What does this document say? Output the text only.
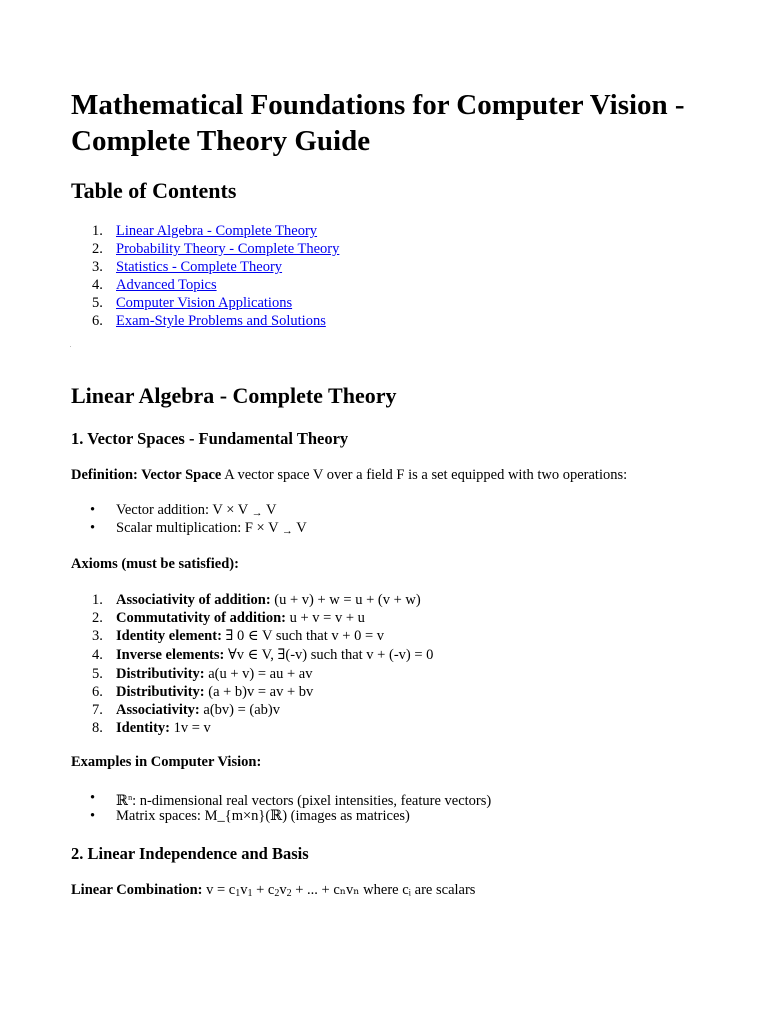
Mathematical Foundations for Computer Vision - Complete Theory Guide
Table of Contents
1. Linear Algebra - Complete Theory
2. Probability Theory - Complete Theory
3. Statistics - Complete Theory
4. Advanced Topics
5. Computer Vision Applications
6. Exam-Style Problems and Solutions
Linear Algebra - Complete Theory
1. Vector Spaces - Fundamental Theory

Definition: Vector Space A vector space V over a field F is a set equipped with two operations:

•	Vector addition: V × V → V
•	Scalar multiplication: F × V → V

Axioms (must be satisfied):

1. Associativity of addition: (u + v) + w = u + (v + w)
2. Commutativity of addition: u + v = v + u
3. Identity element: ∃ 0 ∈ V such that v + 0 = v
4. Inverse elements: ∀v ∈ V, ∃(-v) such that v + (-v) = 0
5. Distributivity: a(u + v) = au + av
6. Distributivity: (a + b)v = av + bv
7. Associativity: a(bv) = (ab)v
8. Identity: 1v = v

Examples in Computer Vision:

•	ℝ$^n$: n-dimensional real vectors (pixel intensities, feature vectors)
•	Matrix spaces: M_{m×n}(ℝ) (images as matrices)
2. Linear Independence and Basis

Linear Combination: $v = c_1v_1 + c_2v_2$ + ... + cₙvₙ where cᵢ are scalars
